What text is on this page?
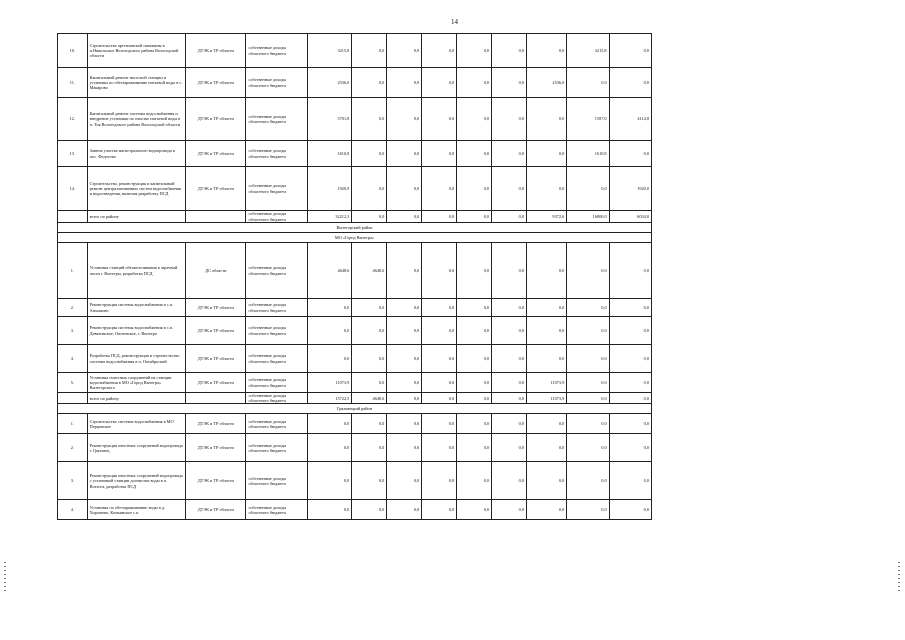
14
10.	Строительство артезианской скважины в п.Никольское Вологодского района Вологодской области	ДТЭК и ТР области	собственные доходы областного бюджета	3215,8	0,0	0,0	0,0	0,0	0,0	0,0	3215,8	0,0
11.	Капитальный ремонт насосной станции и установка по обеззараживанию питьевой воды в с. Макарово	ДТЭК и ТР области	собственные доходы областного бюджета	2536,0	0,0	0,0	0,0	0,0	0,0	2536,0	0,0	0,0
12.	Капитальный ремонт системы водоснабжения и внедрение установки по очистке питьевой воды в п. Тоя Вологодского района Вологодской области	ДТЭК и ТР области	собственные доходы областного бюджета	5701,8	0,0	0,0	0,0	0,0	0,0	0,0	1587,0	4114,8
13.	Замена участка магистрального водопровода в пос. Федотово	ДТЭК и ТР области	собственные доходы областного бюджета	1610,8	0,0	0,0	0,0	0,0	0,0	0,0	1610,8	0,0
14.	Строительство, реконструкция и капитальный ремонт централизованных систем водоснабжения и водоотведения, включая разработку ПСД	ДТЭК и ТР области	собственные доходы областного бюджета	1920,9	0,0	0,0	0,0	0,0	0,0	0,0	0,0	1920,0
	всего по району		собственные доходы областного бюджета	32212,3	0,0	0,0	0,0	0,0	0,0	9372,6	16800,0	6034,8
Вытегорский район												
МО «Город Вытегра»												
1.	Установка станций обезжелезивания в заречной части г. Вытегры, разработка ПСД	ДС области	собственные доходы областного бюджета	4648,6	4648,6	0,0	0,0	0,0	0,0	0,0	0,0	0,0
2.	Реконструкция системы водоснабжения в с.п. Анхимово	ДТЭК и ТР области	собственные доходы областного бюджета	0,0	0,0	0,0	0,0	0,0	0,0	0,0	0,0	0,0
3.	Реконструкция системы водоснабжения в с.п. Девятинское, Оштинское, г. Вытегра	ДТЭК и ТР области	собственные доходы областного бюджета	0,0	0,0	0,0	0,0	0,0	0,0	0,0	0,0	0,0
4.	Разработка ПСД, реконструкция и строительство системы водоснабжения в п. Октябрьский	ДТЭК и ТР области	собственные доходы областного бюджета	0,0	0,0	0,0	0,0	0,0	0,0	0,0	0,0	0,0
5.	Установка очистных сооружений на станции водоснабжения в МО «Город Вытегра» Вытегорского	ДТЭК и ТР области	собственные доходы областного бюджета	11073,9	0,0	0,0	0,0	0,0	0,0	11073,9	0,0	0,0
	всего по району		собственные доходы областного бюджета	15722,5	4648,6	0,0	0,0	0,0	0,0	11073,9	0,0	0,0
Грязовецкий район												
1.	Строительство системы водоснабжения в МО Перцевское	ДТЭК и ТР области	собственные доходы областного бюджета	0,0	0,0	0,0	0,0	0,0	0,0	0,0	0,0	0,0
2.	Реконструкция очистных сооружений водопровода г. Грязовец	ДТЭК и ТР области	собственные доходы областного бюджета	0,0	0,0	0,0	0,0	0,0	0,0	0,0	0,0	0,0
3.	Реконструкция очистных сооружений водопровода с установкой станции доочистки воды в п. Вохтога, разработка ПСД	ДТЭК и ТР области	собственные доходы областного бюджета	0,0	0,0	0,0	0,0	0,0	0,0	0,0	0,0	0,0
4.	Установка по обеззараживанию воды в д. Хорошево, Комьянское с.п.	ДТЭК и ТР области	собственные доходы областного бюджета	0,0	0,0	0,0	0,0	0,0	0,0	0,0	0,0	0,0
